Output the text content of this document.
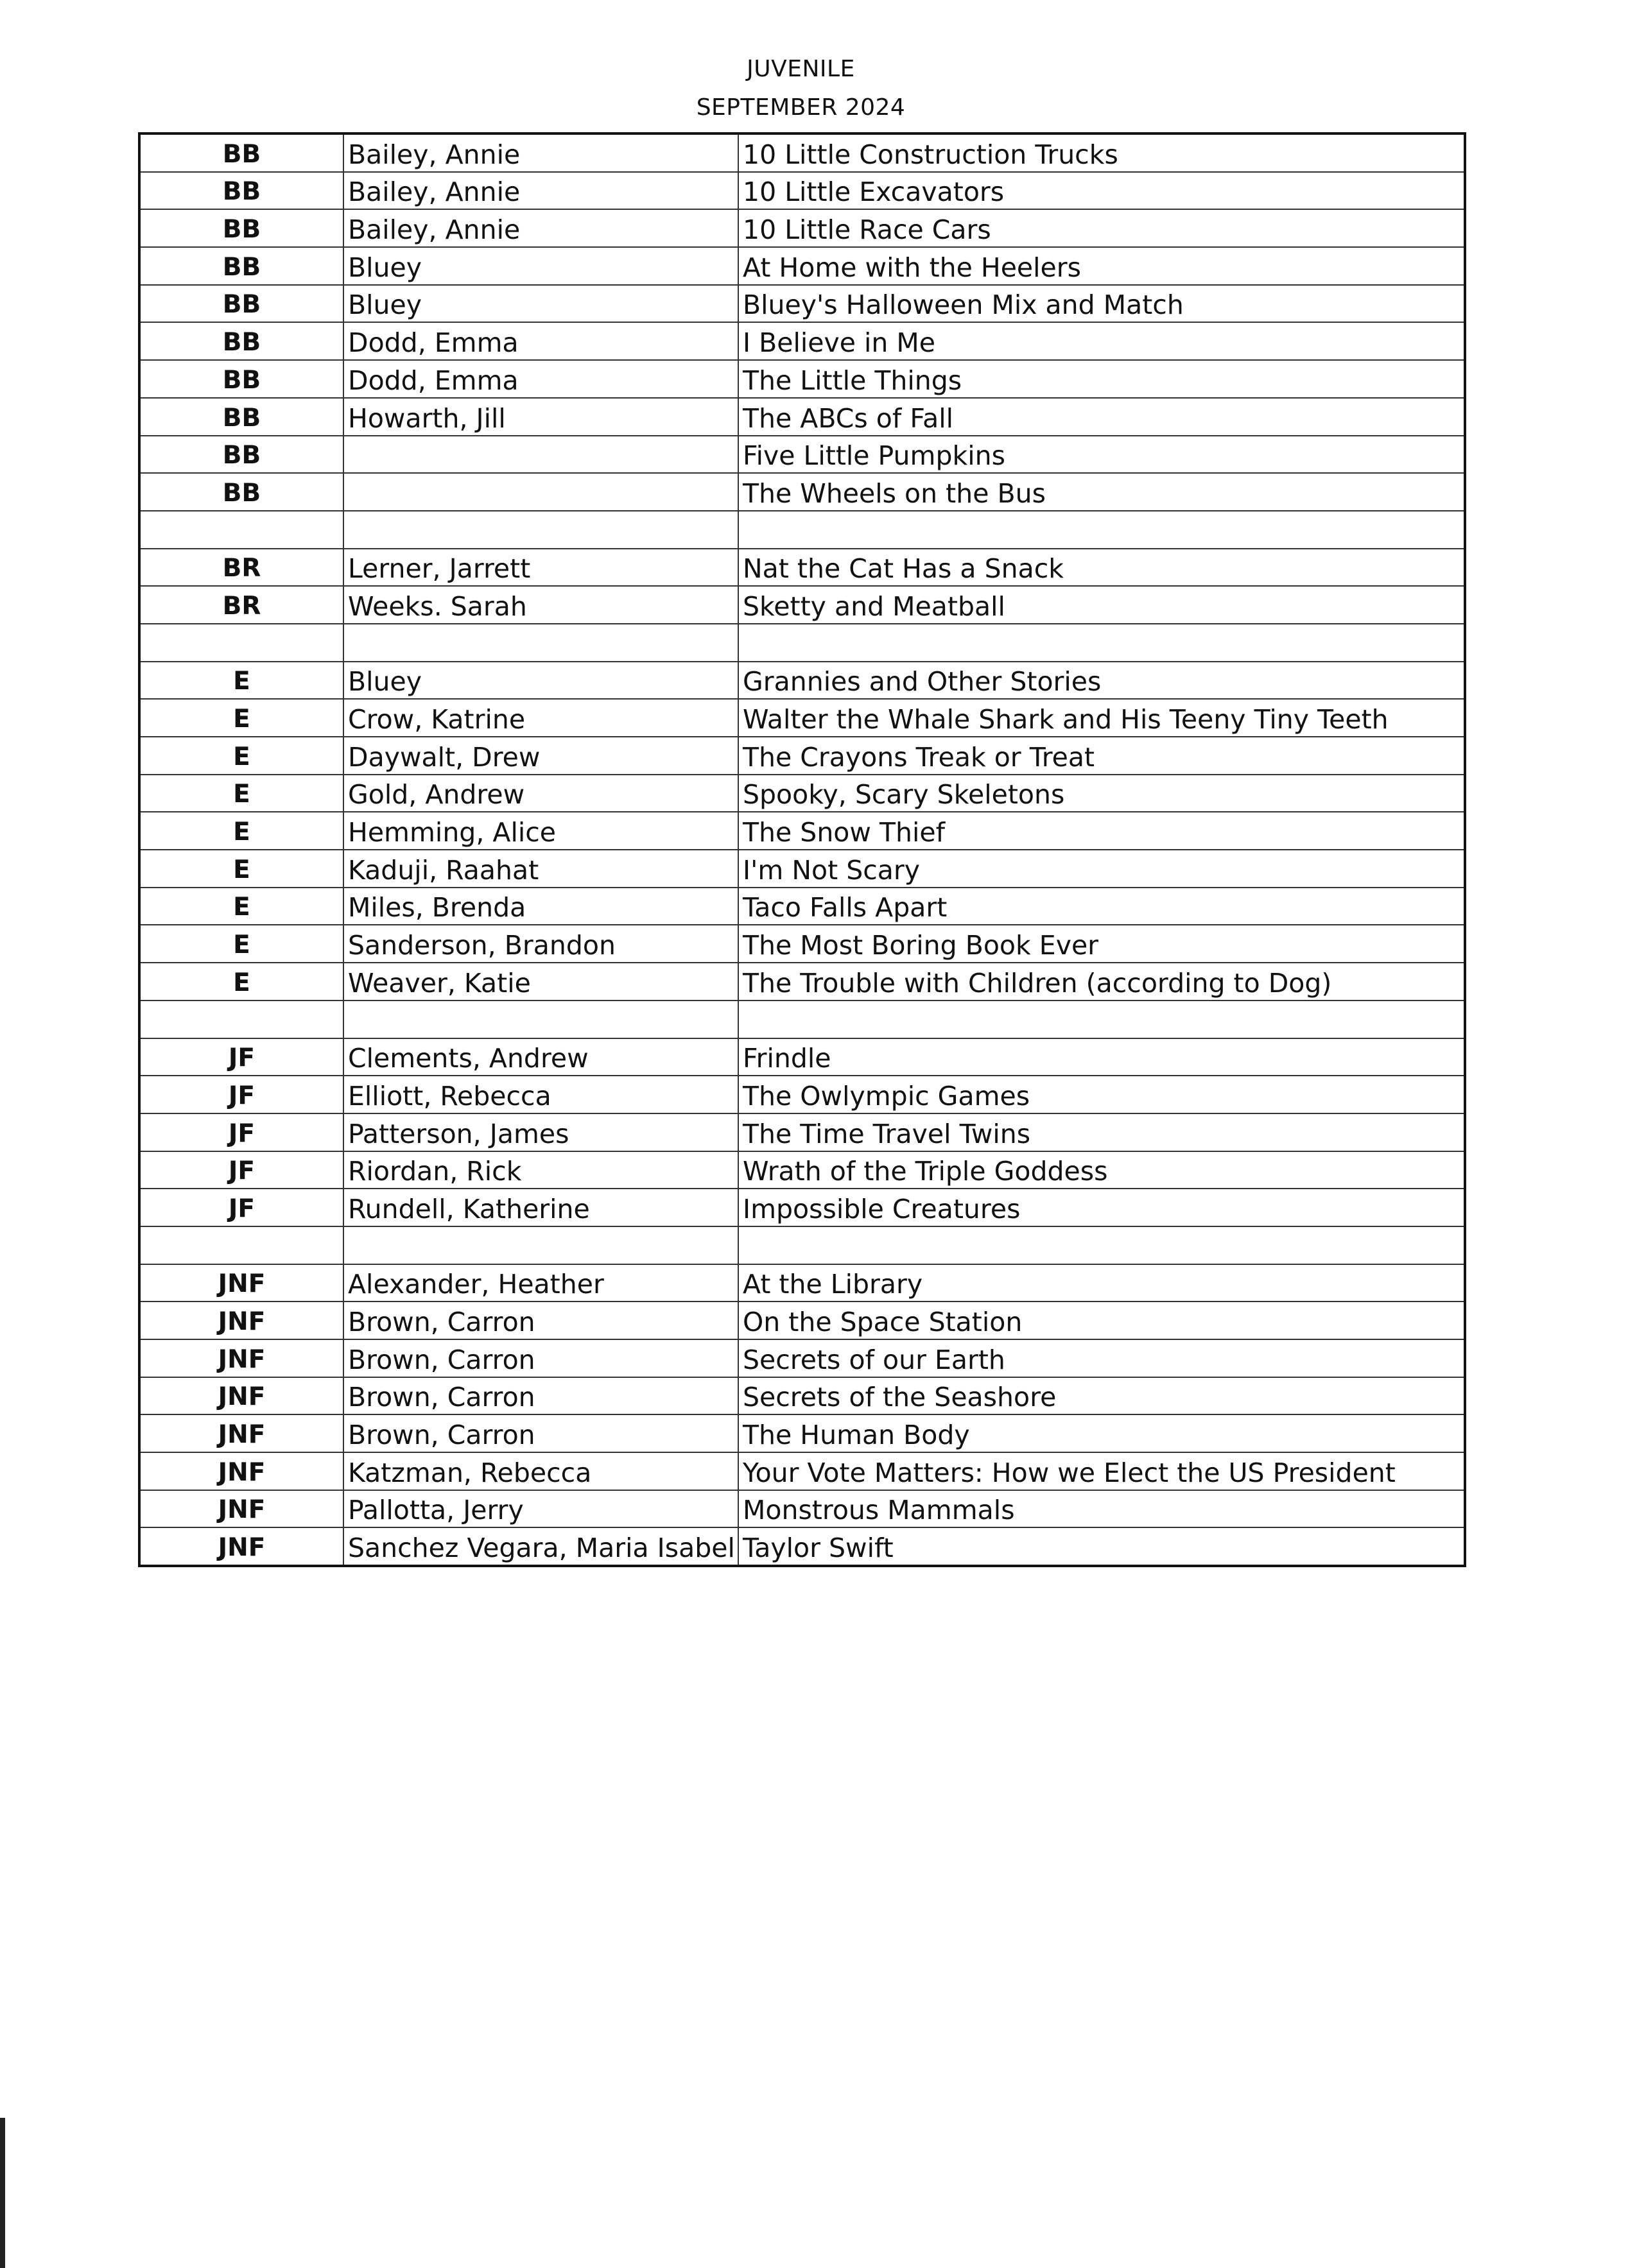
JUVENILE
SEPTEMBER 2024
BB	Bailey, Annie	10 Little Construction Trucks
BB	Bailey, Annie	10 Little Excavators
BB	Bailey, Annie	10 Little Race Cars
BB	Bluey	At Home with the Heelers
BB	Bluey	Bluey's Halloween Mix and Match
BB	Dodd, Emma	I Believe in Me
BB	Dodd, Emma	The Little Things
BB	Howarth, Jill	The ABCs of Fall
BB		Five Little Pumpkins
BB		The Wheels on the Bus

BR	Lerner, Jarrett	Nat the Cat Has a Snack
BR	Weeks. Sarah	Sketty and Meatball

E	Bluey	Grannies and Other Stories
E	Crow, Katrine	Walter the Whale Shark and His Teeny Tiny Teeth
E	Daywalt, Drew	The Crayons Treak or Treat
E	Gold, Andrew	Spooky, Scary Skeletons
E	Hemming, Alice	The Snow Thief
E	Kaduji, Raahat	I'm Not Scary
E	Miles, Brenda	Taco Falls Apart
E	Sanderson, Brandon	The Most Boring Book Ever
E	Weaver, Katie	The Trouble with Children (according to Dog)

JF	Clements, Andrew	Frindle
JF	Elliott, Rebecca	The Owlympic Games
JF	Patterson, James	The Time Travel Twins
JF	Riordan, Rick	Wrath of the Triple Goddess
JF	Rundell, Katherine	Impossible Creatures

JNF	Alexander, Heather	At the Library
JNF	Brown, Carron	On the Space Station
JNF	Brown, Carron	Secrets of our Earth
JNF	Brown, Carron	Secrets of the Seashore
JNF	Brown, Carron	The Human Body
JNF	Katzman, Rebecca	Your Vote Matters: How we Elect the US President
JNF	Pallotta, Jerry	Monstrous Mammals
JNF	Sanchez Vegara, Maria Isabel	Taylor Swift
